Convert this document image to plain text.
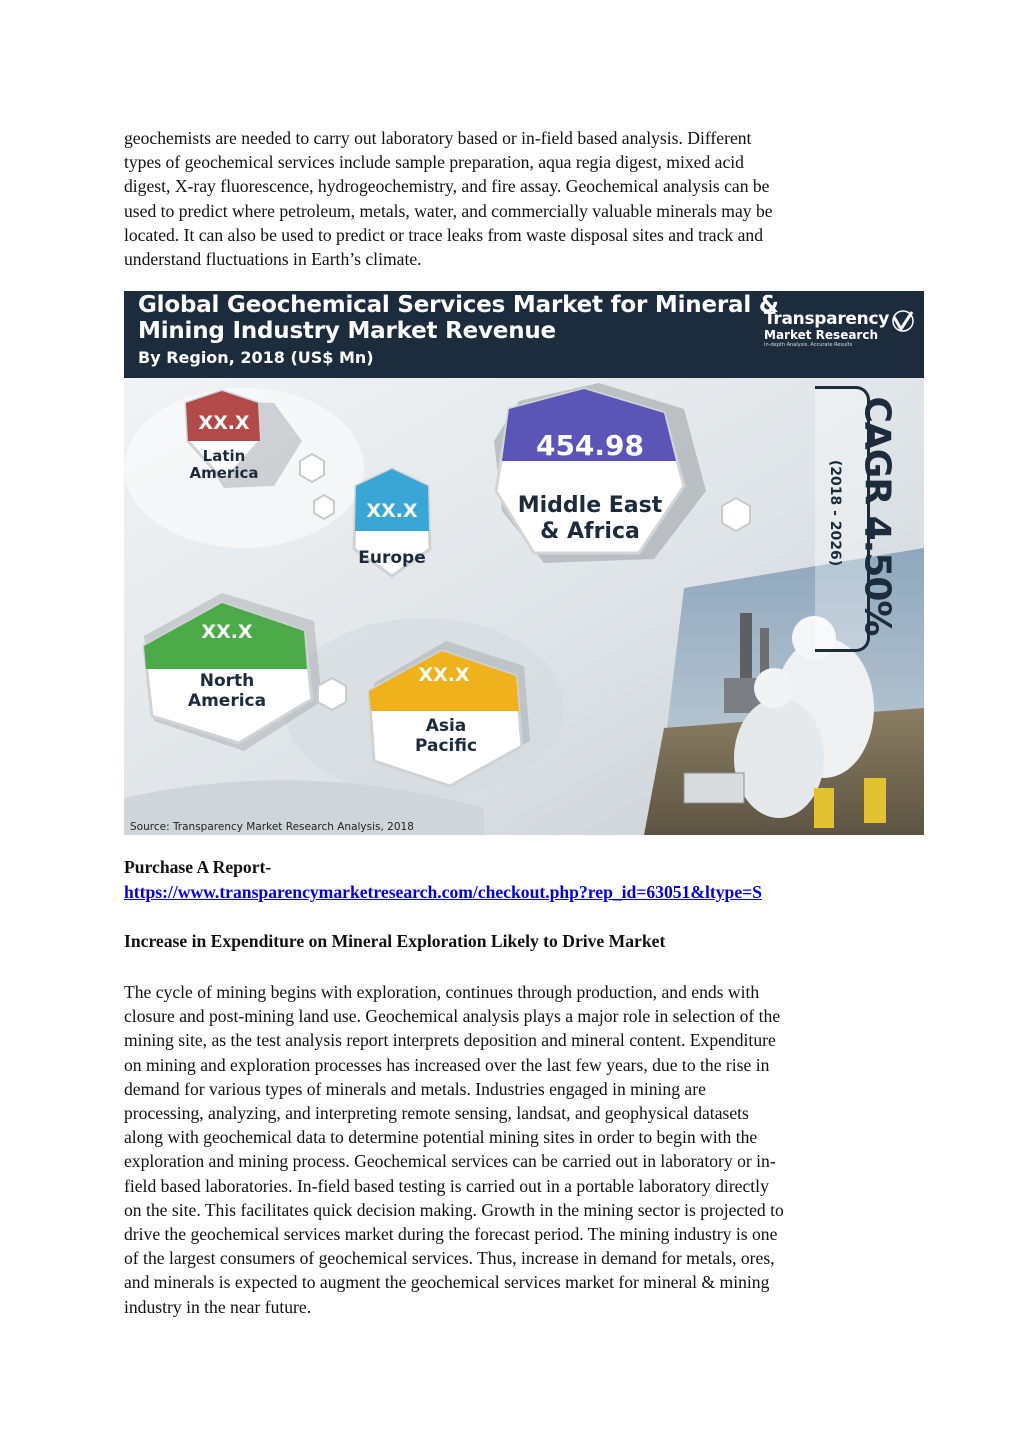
geochemists are needed to carry out laboratory based or in-field based analysis. Different
types of geochemical services include sample preparation, aqua regia digest, mixed acid
digest, X-ray fluorescence, hydrogeochemistry, and fire assay. Geochemical analysis can be
used to predict where petroleum, metals, water, and commercially valuable minerals may be
located. It can also be used to predict or trace leaks from waste disposal sites and track and
understand fluctuations in Earth’s climate.
Global Geochemical Services Market for Mineral &
Mining Industry Market Revenue
By Region, 2018 (US$ Mn)
Transparency
Market Research
In-depth Analysis. Accurate Results
CAGR 4.50%
(2018 - 2026)
XX.X
Latin
America
XX.X
Europe
454.98
(US$ Mn)
Middle East
& Africa
XX.X
North
America
XX.X
Asia
Pacific
Source: Transparency Market Research Analysis, 2018
Purchase A Report-
https://www.transparencymarketresearch.com/checkout.php?rep_id=63051&ltype=S
Increase in Expenditure on Mineral Exploration Likely to Drive Market
The cycle of mining begins with exploration, continues through production, and ends with
closure and post-mining land use. Geochemical analysis plays a major role in selection of the
mining site, as the test analysis report interprets deposition and mineral content. Expenditure
on mining and exploration processes has increased over the last few years, due to the rise in
demand for various types of minerals and metals. Industries engaged in mining are
processing, analyzing, and interpreting remote sensing, landsat, and geophysical datasets
along with geochemical data to determine potential mining sites in order to begin with the
exploration and mining process. Geochemical services can be carried out in laboratory or in-
field based laboratories. In-field based testing is carried out in a portable laboratory directly
on the site. This facilitates quick decision making. Growth in the mining sector is projected to
drive the geochemical services market during the forecast period. The mining industry is one
of the largest consumers of geochemical services. Thus, increase in demand for metals, ores,
and minerals is expected to augment the geochemical services market for mineral & mining
industry in the near future.
